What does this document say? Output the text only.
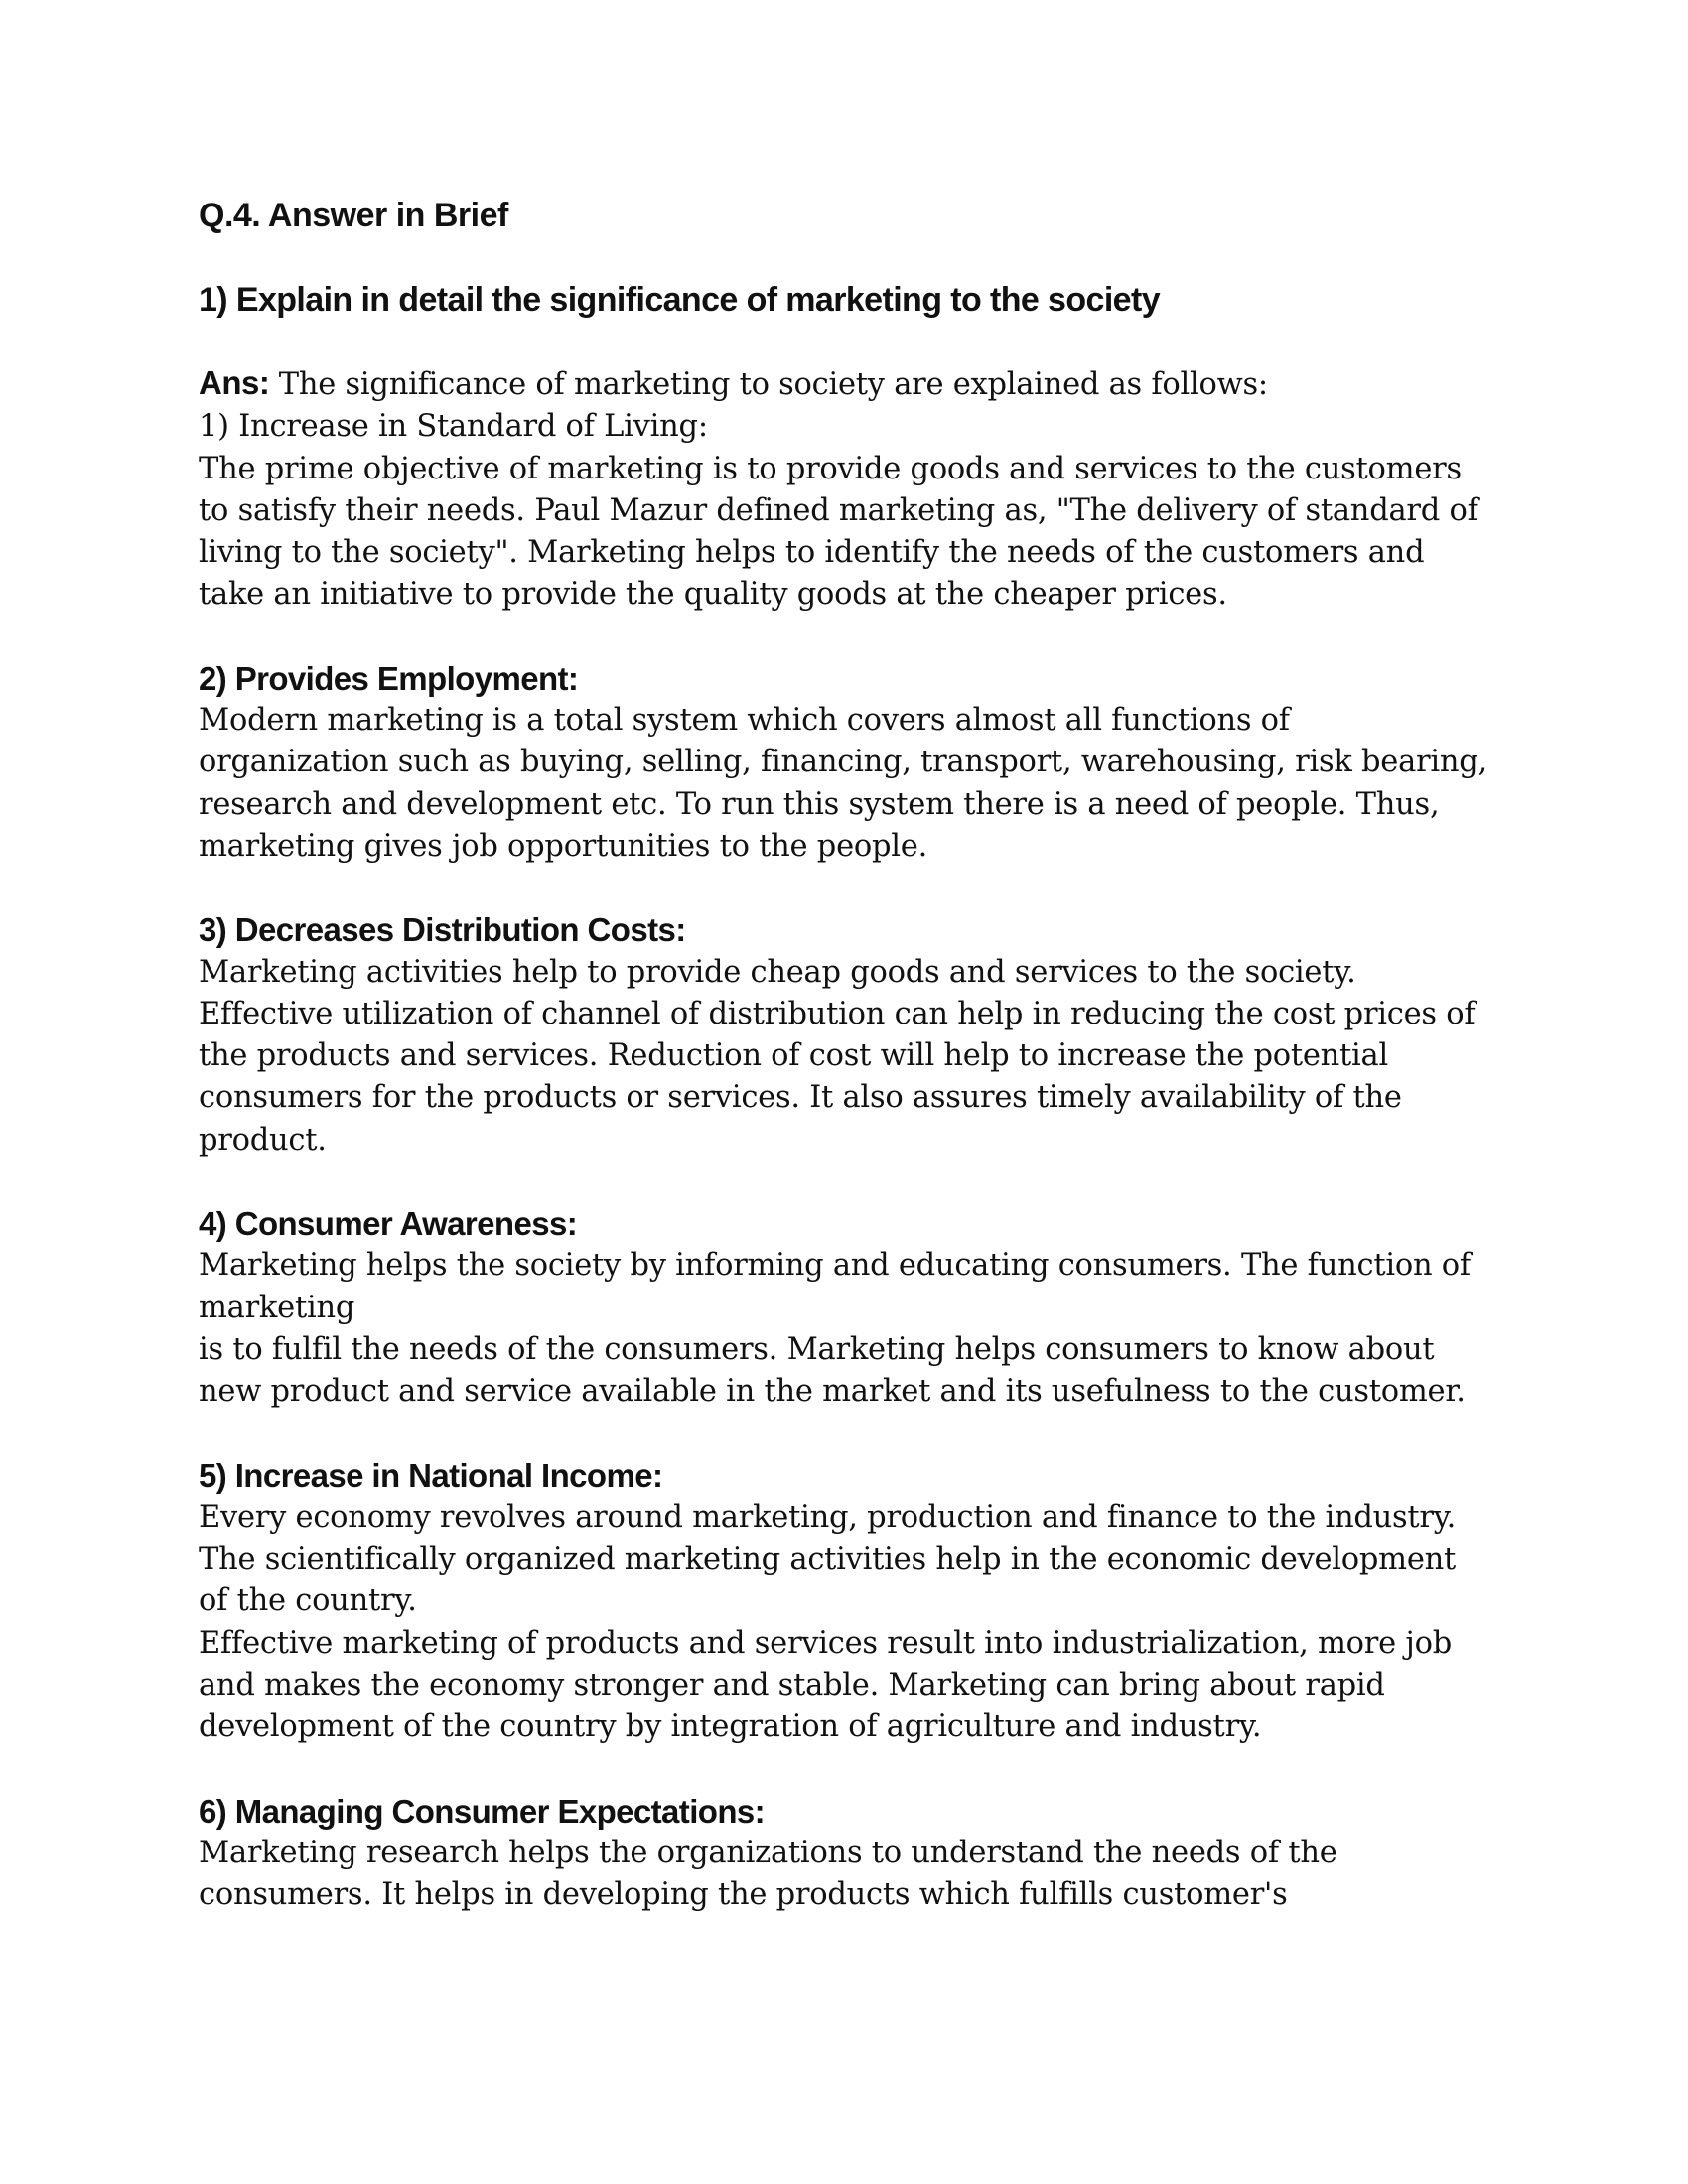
Q.4. Answer in Brief
1) Explain in detail the significance of marketing to the society
Ans: The significance of marketing to society are explained as follows:
1) Increase in Standard of Living:
The prime objective of marketing is to provide goods and services to the customers
to satisfy their needs. Paul Mazur defined marketing as, "The delivery of standard of
living to the society". Marketing helps to identify the needs of the customers and
take an initiative to provide the quality goods at the cheaper prices.
2) Provides Employment:
Modern marketing is a total system which covers almost all functions of
organization such as buying, selling, financing, transport, warehousing, risk bearing,
research and development etc. To run this system there is a need of people. Thus,
marketing gives job opportunities to the people.
3) Decreases Distribution Costs:
Marketing activities help to provide cheap goods and services to the society.
Effective utilization of channel of distribution can help in reducing the cost prices of
the products and services. Reduction of cost will help to increase the potential
consumers for the products or services. It also assures timely availability of the
product.
4) Consumer Awareness:
Marketing helps the society by informing and educating consumers. The function of
marketing
is to fulfil the needs of the consumers. Marketing helps consumers to know about
new product and service available in the market and its usefulness to the customer.
5) Increase in National Income:
Every economy revolves around marketing, production and finance to the industry.
The scientifically organized marketing activities help in the economic development
of the country.
Effective marketing of products and services result into industrialization, more job
and makes the economy stronger and stable. Marketing can bring about rapid
development of the country by integration of agriculture and industry.
6) Managing Consumer Expectations:
Marketing research helps the organizations to understand the needs of the
consumers. It helps in developing the products which fulfills customer's
